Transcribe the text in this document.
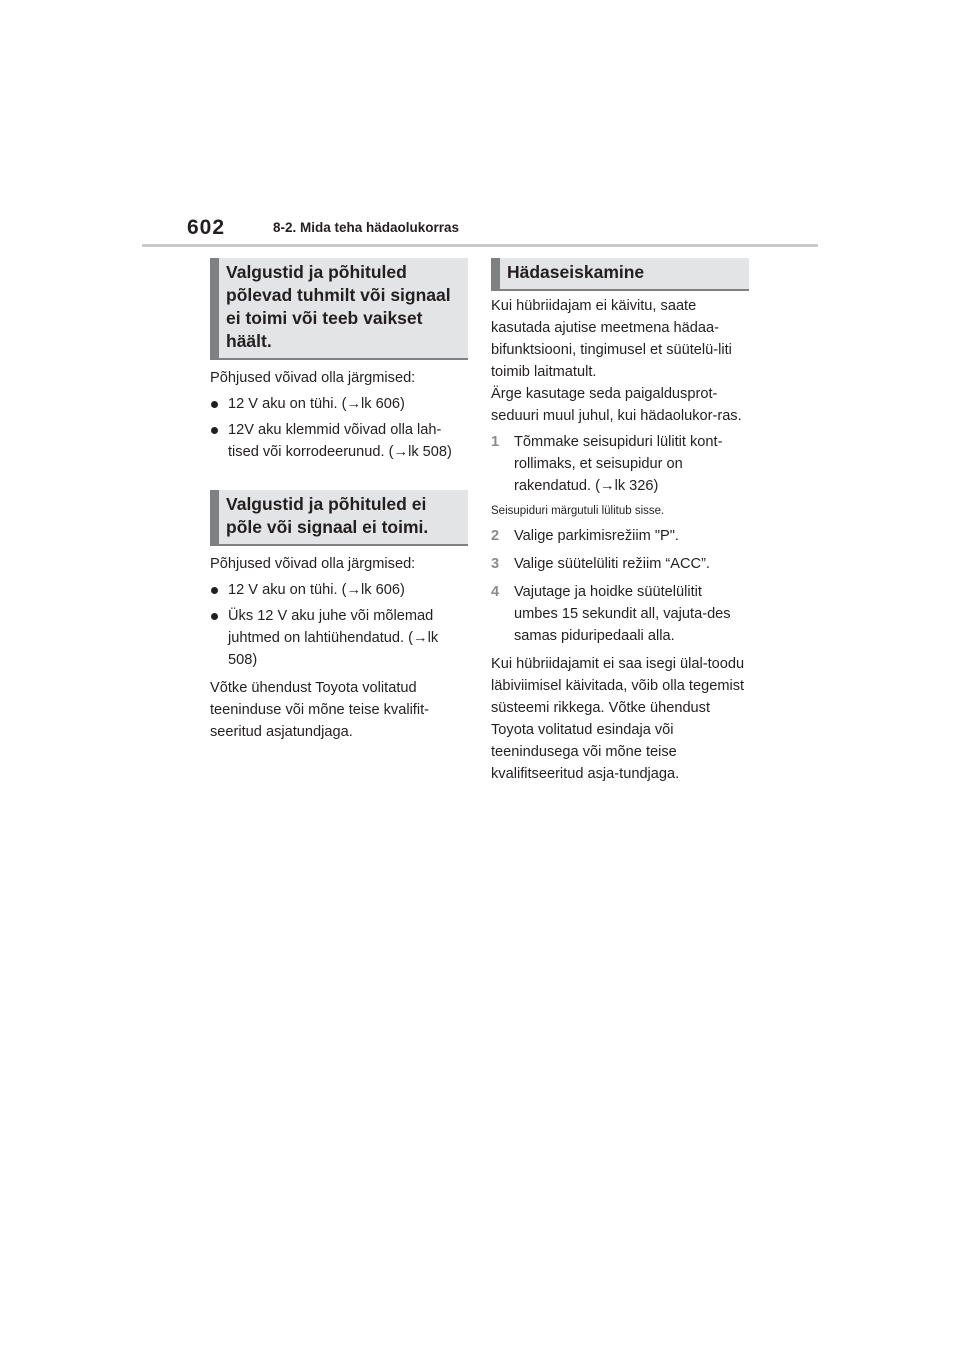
602	8-2. Mida teha hädaolukorras
Valgustid ja põhituled põlevad tuhmilt või signaal ei toimi või teeb vaikset häält.

Põhjused võivad olla järgmised:

12 V aku on tühi. (→lk 606)
12V aku klemmid võivad olla lah-tised või korrodeerunud. (→lk 508)
Valgustid ja põhituled ei põle või signaal ei toimi.

Põhjused võivad olla järgmised:

12 V aku on tühi. (→lk 606)
Üks 12 V aku juhe või mõlemad juhtmed on lahtiühendatud. (→lk 508)

Võtke ühendust Toyota volitatud teeninduse või mõne teise kvalifit-seeritud asjatundjaga.

Hädaseiskamine

Kui hübriidajam ei käivitu, saate kasutada ajutise meetmena hädaa-bifunktsiooni, tingimusel et süütelü-liti toimib laitmatult.

Ärge kasutage seda paigaldusprot-seduuri muul juhul, kui hädaolukor-ras.

1 Tõmmake seisupiduri lülitit kont-rollimaks, et seisupidur on rakendatud. (→lk 326)

Seisupiduri märgutuli lülitub sisse.

2 Valige parkimisrežiim "P".
3 Valige süütelüliti režiim “ACC”.
4 Vajutage ja hoidke süütelülitit umbes 15 sekundit all, vajuta-des samas piduripedaali alla.

Kui hübriidajamit ei saa isegi ülal-toodu läbiviimisel käivitada, võib olla tegemist süsteemi rikkega. Võtke ühendust Toyota volitatud esindaja või teenindusega või mõne teise kvalifitseeritud asja-tundjaga.
